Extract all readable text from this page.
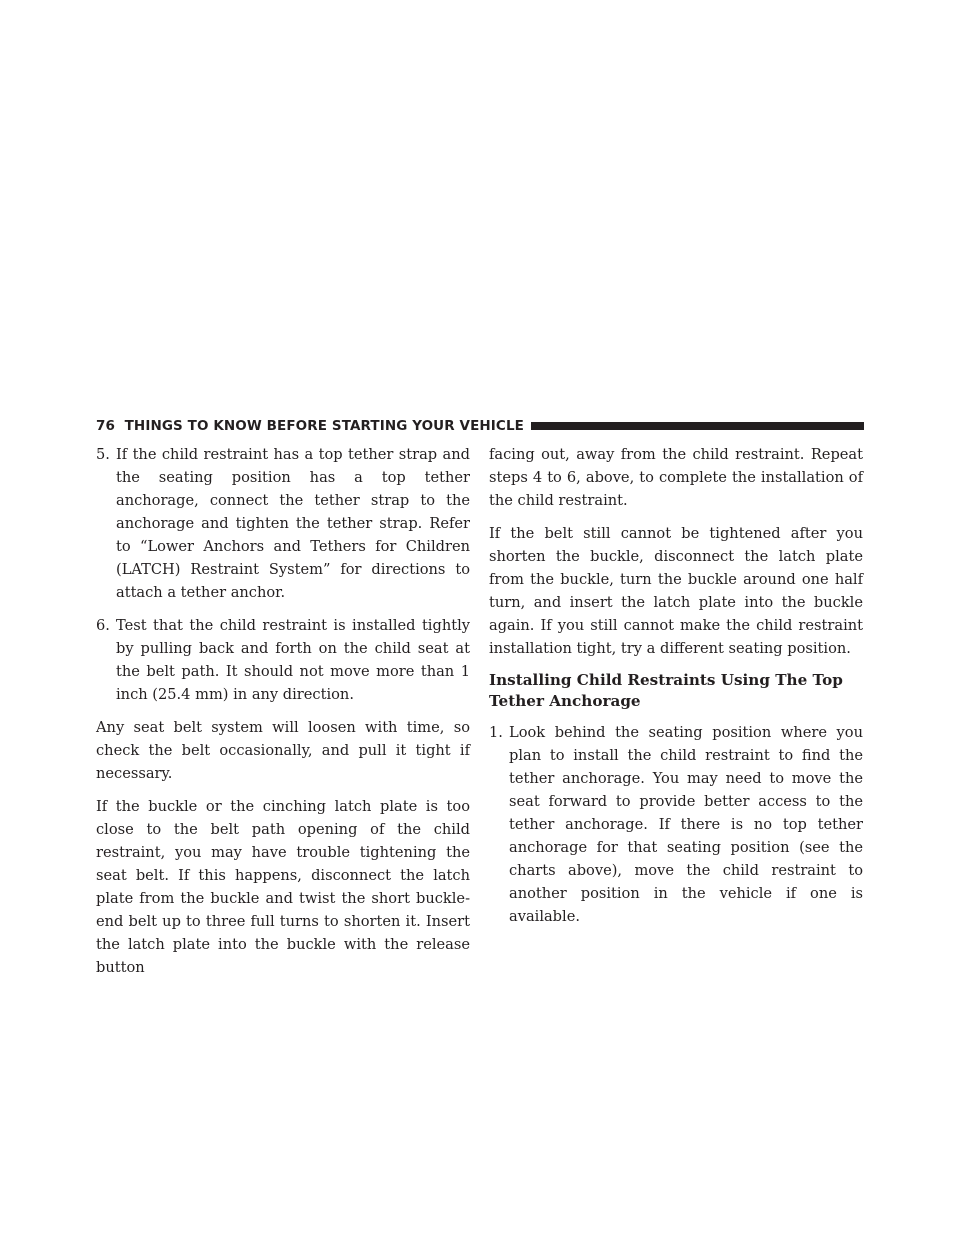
76 THINGS TO KNOW BEFORE STARTING YOUR VEHICLE

5. If the child restraint has a top tether strap and the seating position has a top tether anchorage, connect the tether strap to the anchorage and tighten the tether strap. Refer to “Lower Anchors and Tethers for Children (LATCH) Restraint System” for directions to attach a tether anchor.

6. Test that the child restraint is installed tightly by pulling back and forth on the child seat at the belt path. It should not move more than 1 inch (25.4 mm) in any direction.

Any seat belt system will loosen with time, so check the belt occasionally, and pull it tight if necessary.

If the buckle or the cinching latch plate is too close to the belt path opening of the child restraint, you may have trouble tightening the seat belt. If this happens, disconnect the latch plate from the buckle and twist the short buckle-end belt up to three full turns to shorten it. Insert the latch plate into the buckle with the release button

facing out, away from the child restraint. Repeat steps 4 to 6, above, to complete the installation of the child restraint.

If the belt still cannot be tightened after you shorten the buckle, disconnect the latch plate from the buckle, turn the buckle around one half turn, and insert the latch plate into the buckle again. If you still cannot make the child restraint installation tight, try a different seating position.

Installing Child Restraints Using The Top Tether Anchorage

1. Look behind the seating position where you plan to install the child restraint to find the tether anchorage. You may need to move the seat forward to provide better access to the tether anchorage. If there is no top tether anchorage for that seating position (see the charts above), move the child restraint to another position in the vehicle if one is available.
